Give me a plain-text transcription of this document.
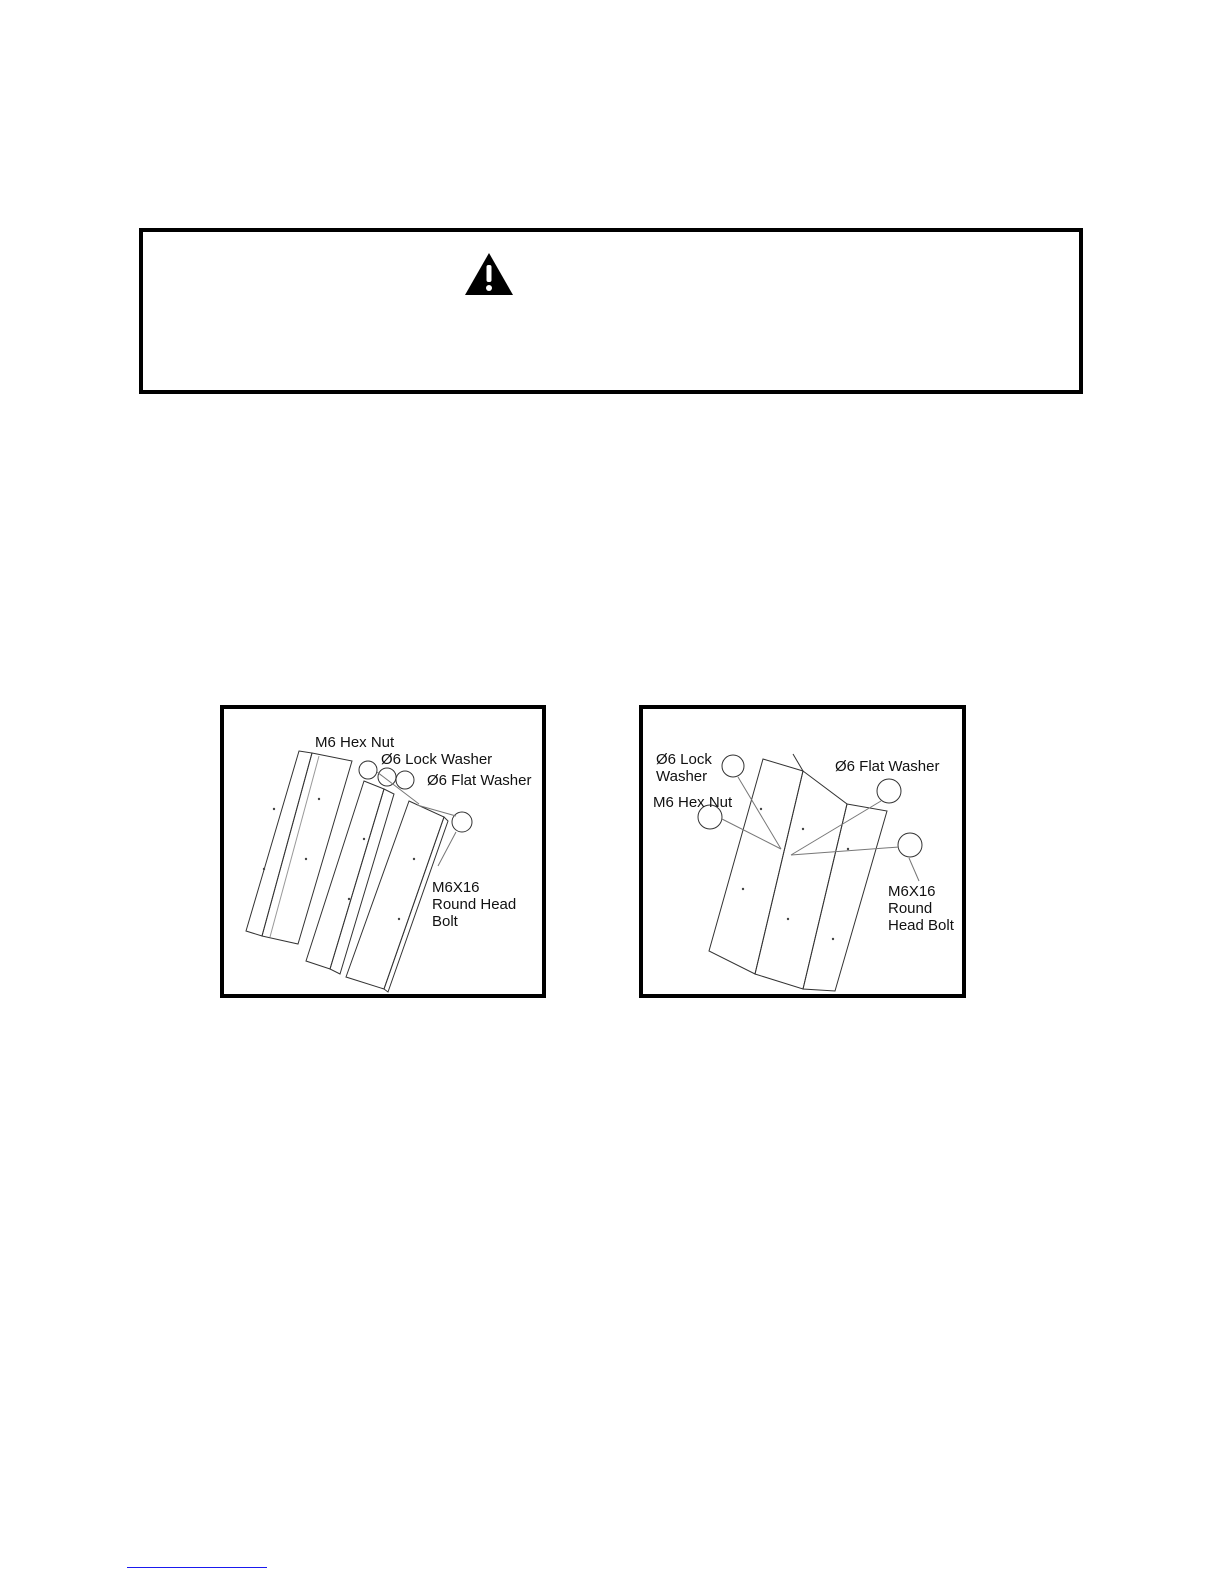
M6 Hex Nut
Ø6 Lock Washer
Ø6 Flat Washer
M6X16
Round Head
Bolt
Ø6 Lock
Washer
M6 Hex Nut
Ø6 Flat Washer
M6X16
Round
Head Bolt
